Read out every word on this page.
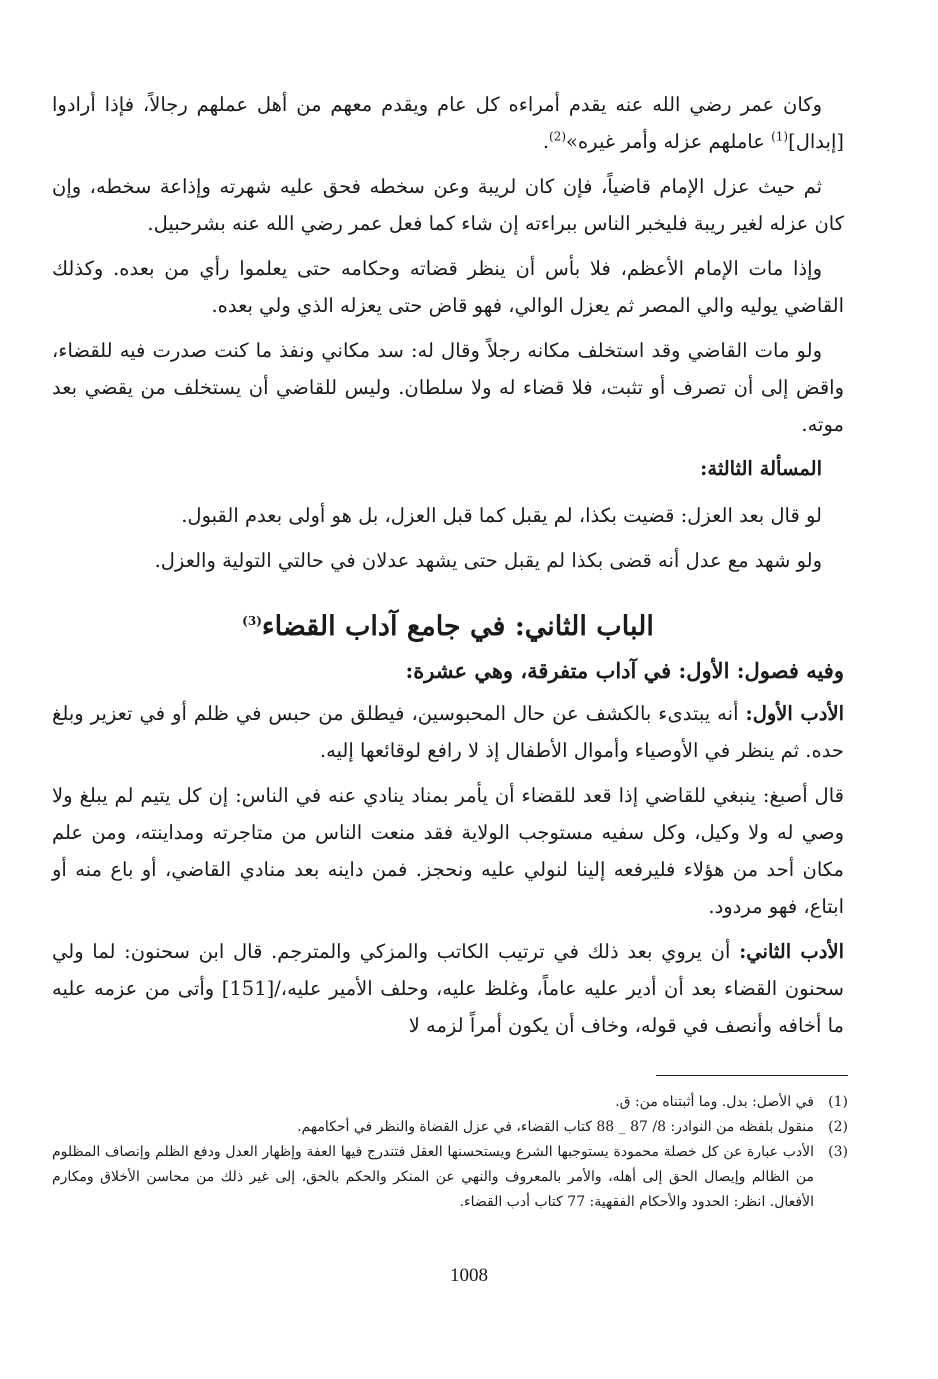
وكان عمر رضي الله عنه يقدم أمراءه كل عام ويقدم معهم من أهل عملهم رجالاً، فإذا أرادوا [إبدال]$^{(1)}$ عاملهم عزله وأمر غيره»$^{(2)}$.

ثم حيث عزل الإمام قاضياً، فإن كان لريبة وعن سخطه فحق عليه شهرته وإذاعة سخطه، وإن كان عزله لغير ريبة فليخبر الناس ببراءته إن شاء كما فعل عمر رضي الله عنه بشرحبيل.

وإذا مات الإمام الأعظم، فلا بأس أن ينظر قضاته وحكامه حتى يعلموا رأي من بعده. وكذلك القاضي يوليه والي المصر ثم يعزل الوالي، فهو قاض حتى يعزله الذي ولي بعده.

ولو مات القاضي وقد استخلف مكانه رجلاً وقال له: سد مكاني ونفذ ما كنت صدرت فيه للقضاء، واقض إلى أن تصرف أو تثبت، فلا قضاء له ولا سلطان. وليس للقاضي أن يستخلف من يقضي بعد موته.

المسألة الثالثة:

لو قال بعد العزل: قضيت بكذا، لم يقبل كما قبل العزل، بل هو أولى بعدم القبول.

ولو شهد مع عدل أنه قضى بكذا لم يقبل حتى يشهد عدلان في حالتي التولية والعزل.

الباب الثاني: في جامع آداب القضاء$^{(3)}$
وفيه فصول: الأول: في آداب متفرقة، وهي عشرة:

الأدب الأول: أنه يبتدىء بالكشف عن حال المحبوسين، فيطلق من حبس في ظلم أو في تعزير وبلغ حده. ثم ينظر في الأوصياء وأموال الأطفال إذ لا رافع لوقائعها إليه.

قال أصبغ: ينبغي للقاضي إذا قعد للقضاء أن يأمر بمناد ينادي عنه في الناس: إن كل يتيم لم يبلغ ولا وصي له ولا وكيل، وكل سفيه مستوجب الولاية فقد منعت الناس من متاجرته ومداينته، ومن علم مكان أحد من هؤلاء فليرفعه إلينا لنولي عليه ونحجز. فمن داينه بعد منادي القاضي، أو باع منه أو ابتاع، فهو مردود.

الأدب الثاني: أن يروي بعد ذلك في ترتيب الكاتب والمزكي والمترجم. قال ابن سحنون: لما ولي سحنون القضاء بعد أن أدير عليه عاماً، وغلظ عليه، وحلف الأمير عليه،/[151] وأتى من عزمه عليه ما أخافه وأنصف في قوله، وخاف أن يكون أمراً لزمه لا

(1)
في الأصل: بدل. وما أثبتناه من: ق.
(2)
منقول بلفظه من النوادر: 8/ 87 _ 88 كتاب القضاء، في عزل القضاة والنظر في أحكامهم.
(3)
الأدب عبارة عن كل خصلة محمودة يستوجبها الشرع ويستحسنها العقل فتندرج فيها العفة وإظهار العدل ودفع الظلم وإنصاف المظلوم من الظالم وإيصال الحق إلى أهله، والأمر بالمعروف والنهي عن المنكر والحكم بالحق، إلى غير ذلك من محاسن الأخلاق ومكارم الأفعال. انظر: الحدود والأحكام الفقهية: 77 كتاب أدب القضاء.
1008
